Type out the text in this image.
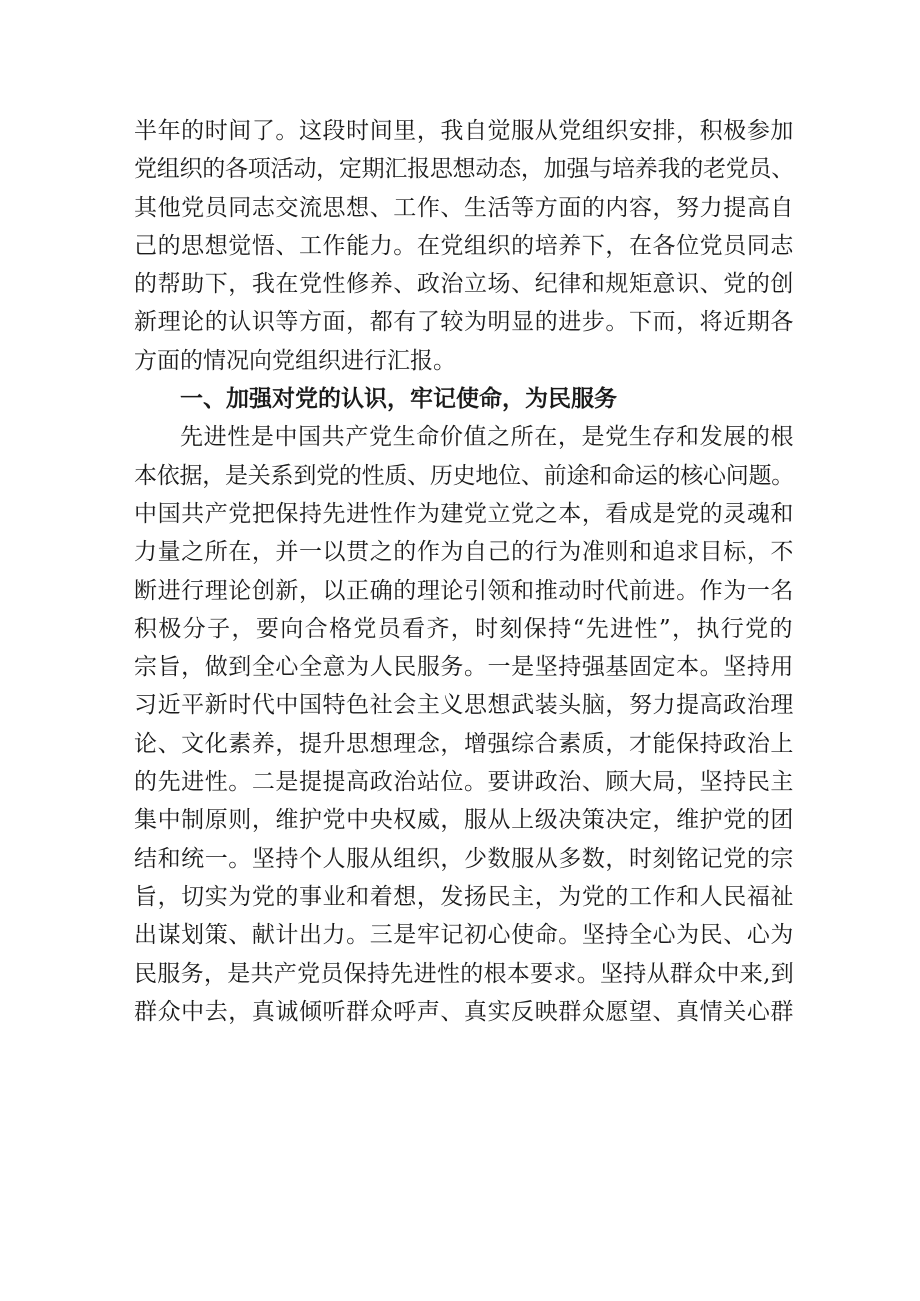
半年的时间了。这段时间里，我自觉服从党组织安排，积极参加
党组织的各项活动，定期汇报思想动态，加强与培养我的老党员、
其他党员同志交流思想、工作、生活等方面的内容，努力提高自
己的思想觉悟、工作能力。在党组织的培养下，在各位党员同志
的帮助下，我在党性修养、政治立场、纪律和规矩意识、党的创
新理论的认识等方面，都有了较为明显的进步。下而，将近期各
方面的情况向党组织进行汇报。
一、加强对党的认识，牢记使命，为民服务
先进性是中国共产党生命价值之所在，是党生存和发展的根
本依据，是关系到党的性质、历史地位、前途和命运的核心问题。
中国共产党把保持先进性作为建党立党之本，看成是党的灵魂和
力量之所在，并一以贯之的作为自己的行为准则和追求目标，不
断进行理论创新，以正确的理论引领和推动时代前进。作为一名
积极分子，要向合格党员看齐，时刻保持“先进性”，执行党的
宗旨，做到全心全意为人民服务。一是坚持强基固定本。坚持用
习近平新时代中国特色社会主义思想武装头脑，努力提高政治理
论、文化素养，提升思想理念，增强综合素质，才能保持政治上
的先进性。二是提提高政治站位。要讲政治、顾大局，坚持民主
集中制原则，维护党中央权威，服从上级决策决定，维护党的团
结和统一。坚持个人服从组织，少数服从多数，时刻铭记党的宗
旨，切实为党的事业和着想，发扬民主，为党的工作和人民福祉
出谋划策、献计出力。三是牢记初心使命。坚持全心为民、心为
民服务，是共产党员保持先进性的根本要求。坚持从群众中来,到
群众中去，真诚倾听群众呼声、真实反映群众愿望、真情关心群
